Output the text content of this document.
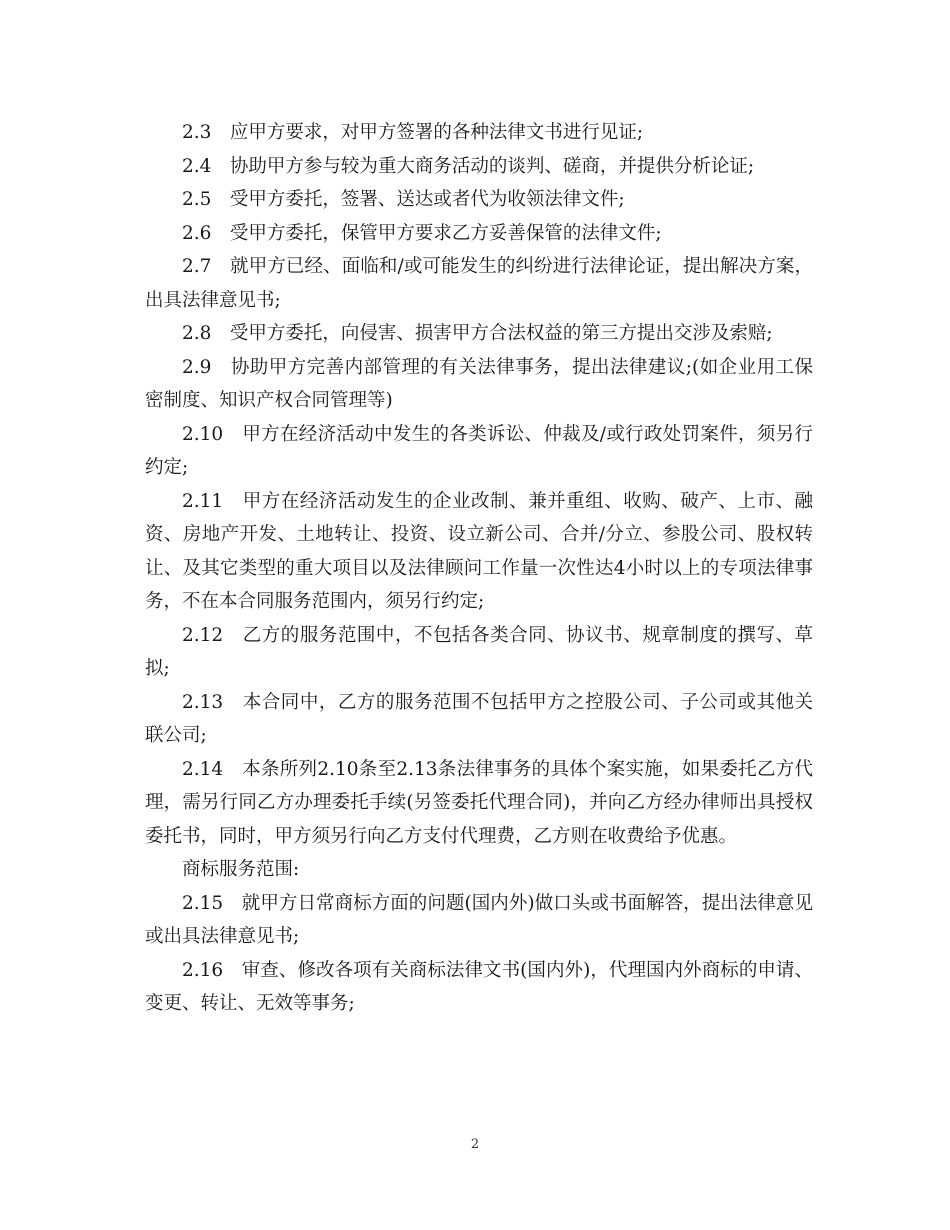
2.3　应甲方要求，对甲方签署的各种法律文书进行见证;

2.4　协助甲方参与较为重大商务活动的谈判、磋商，并提供分析论证;

2.5　受甲方委托，签署、送达或者代为收领法律文件;

2.6　受甲方委托，保管甲方要求乙方妥善保管的法律文件;

2.7　就甲方已经、面临和/或可能发生的纠纷进行法律论证，提出解决方案，出具法律意见书;

2.8　受甲方委托，向侵害、损害甲方合法权益的第三方提出交涉及索赔;

2.9　协助甲方完善内部管理的有关法律事务，提出法律建议;(如企业用工保密制度、知识产权合同管理等)

2.10　甲方在经济活动中发生的各类诉讼、仲裁及/或行政处罚案件，须另行约定;

2.11　甲方在经济活动发生的企业改制、兼并重组、收购、破产、上市、融资、房地产开发、土地转让、投资、设立新公司、合并/分立、参股公司、股权转让、及其它类型的重大项目以及法律顾问工作量一次性达4小时以上的专项法律事务，不在本合同服务范围内，须另行约定;

2.12　乙方的服务范围中，不包括各类合同、协议书、规章制度的撰写、草拟;

2.13　本合同中，乙方的服务范围不包括甲方之控股公司、子公司或其他关联公司;

2.14　本条所列2.10条至2.13条法律事务的具体个案实施，如果委托乙方代理，需另行同乙方办理委托手续(另签委托代理合同)，并向乙方经办律师出具授权委托书，同时，甲方须另行向乙方支付代理费，乙方则在收费给予优惠。

商标服务范围:

2.15　就甲方日常商标方面的问题(国内外)做口头或书面解答，提出法律意见或出具法律意见书;

2.16　审查、修改各项有关商标法律文书(国内外)，代理国内外商标的申请、变更、转让、无效等事务;

2
